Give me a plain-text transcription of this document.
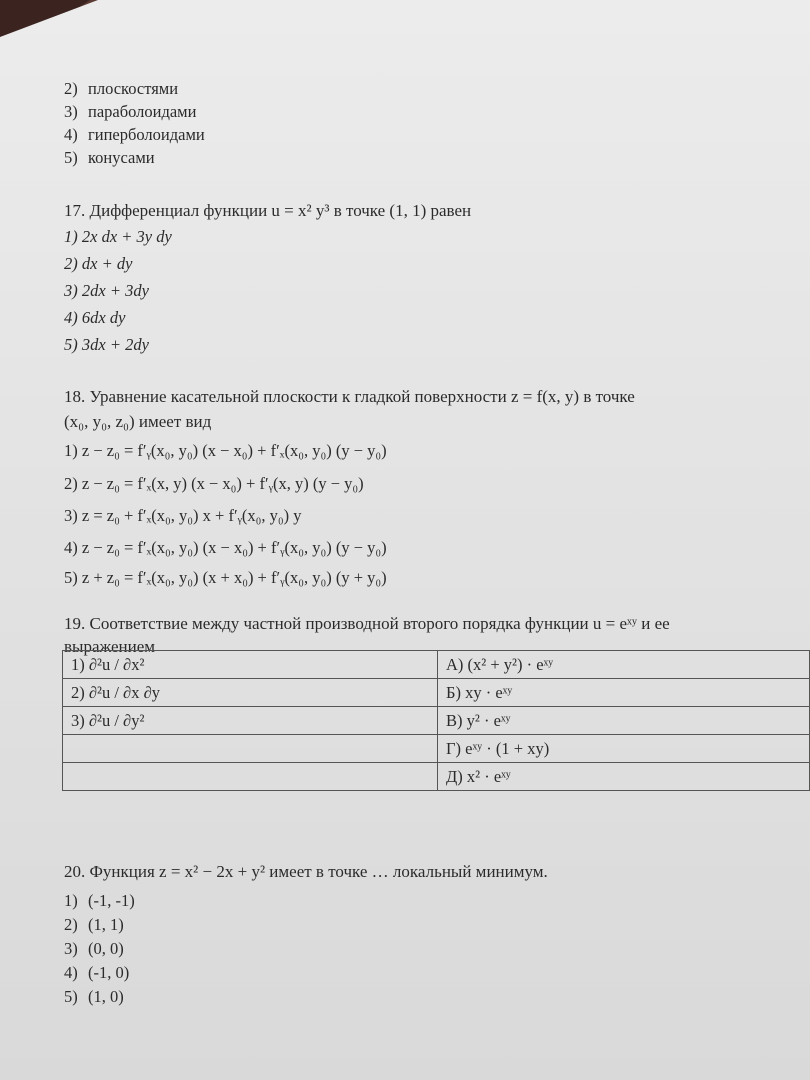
2) плоскостями
3) параболоидами
4) гиперболоидами
5) конусами
17. Дифференциал функции u = x² y³ в точке (1, 1) равен
1) 2x dx + 3y dy
2) dx + dy
3) 2dx + 3dy
4) 6dx dy
5) 3dx + 2dy
18. Уравнение касательной плоскости к гладкой поверхности z = f(x, y) в точке
(x₀, y₀, z₀) имеет вид
1) z − z₀ = f′ᵧ(x₀, y₀) (x − x₀) + f′ₓ(x₀, y₀) (y − y₀)
2) z − z₀ = f′ₓ(x, y) (x − x₀) + f′ᵧ(x, y) (y − y₀)
3) z = z₀ + f′ₓ(x₀, y₀) x + f′ᵧ(x₀, y₀) y
4) z − z₀ = f′ₓ(x₀, y₀) (x − x₀) + f′ᵧ(x₀, y₀) (y − y₀)
5) z + z₀ = f′ₓ(x₀, y₀) (x + x₀) + f′ᵧ(x₀, y₀) (y + y₀)
19. Соответствие между частной производной второго порядка функции u = eˣʸ и ее
выражением
1) ∂²u / ∂x²	А) (x² + y²) · eˣʸ
2) ∂²u / ∂x ∂y	Б) xy · eˣʸ
3) ∂²u / ∂y²	В) y² · eˣʸ
	Г) eˣʸ · (1 + xy)
	Д) x² · eˣʸ
20. Функция z = x² − 2x + y² имеет в точке … локальный минимум.
1) (-1, -1)
2) (1, 1)
3) (0, 0)
4) (-1, 0)
5) (1, 0)
